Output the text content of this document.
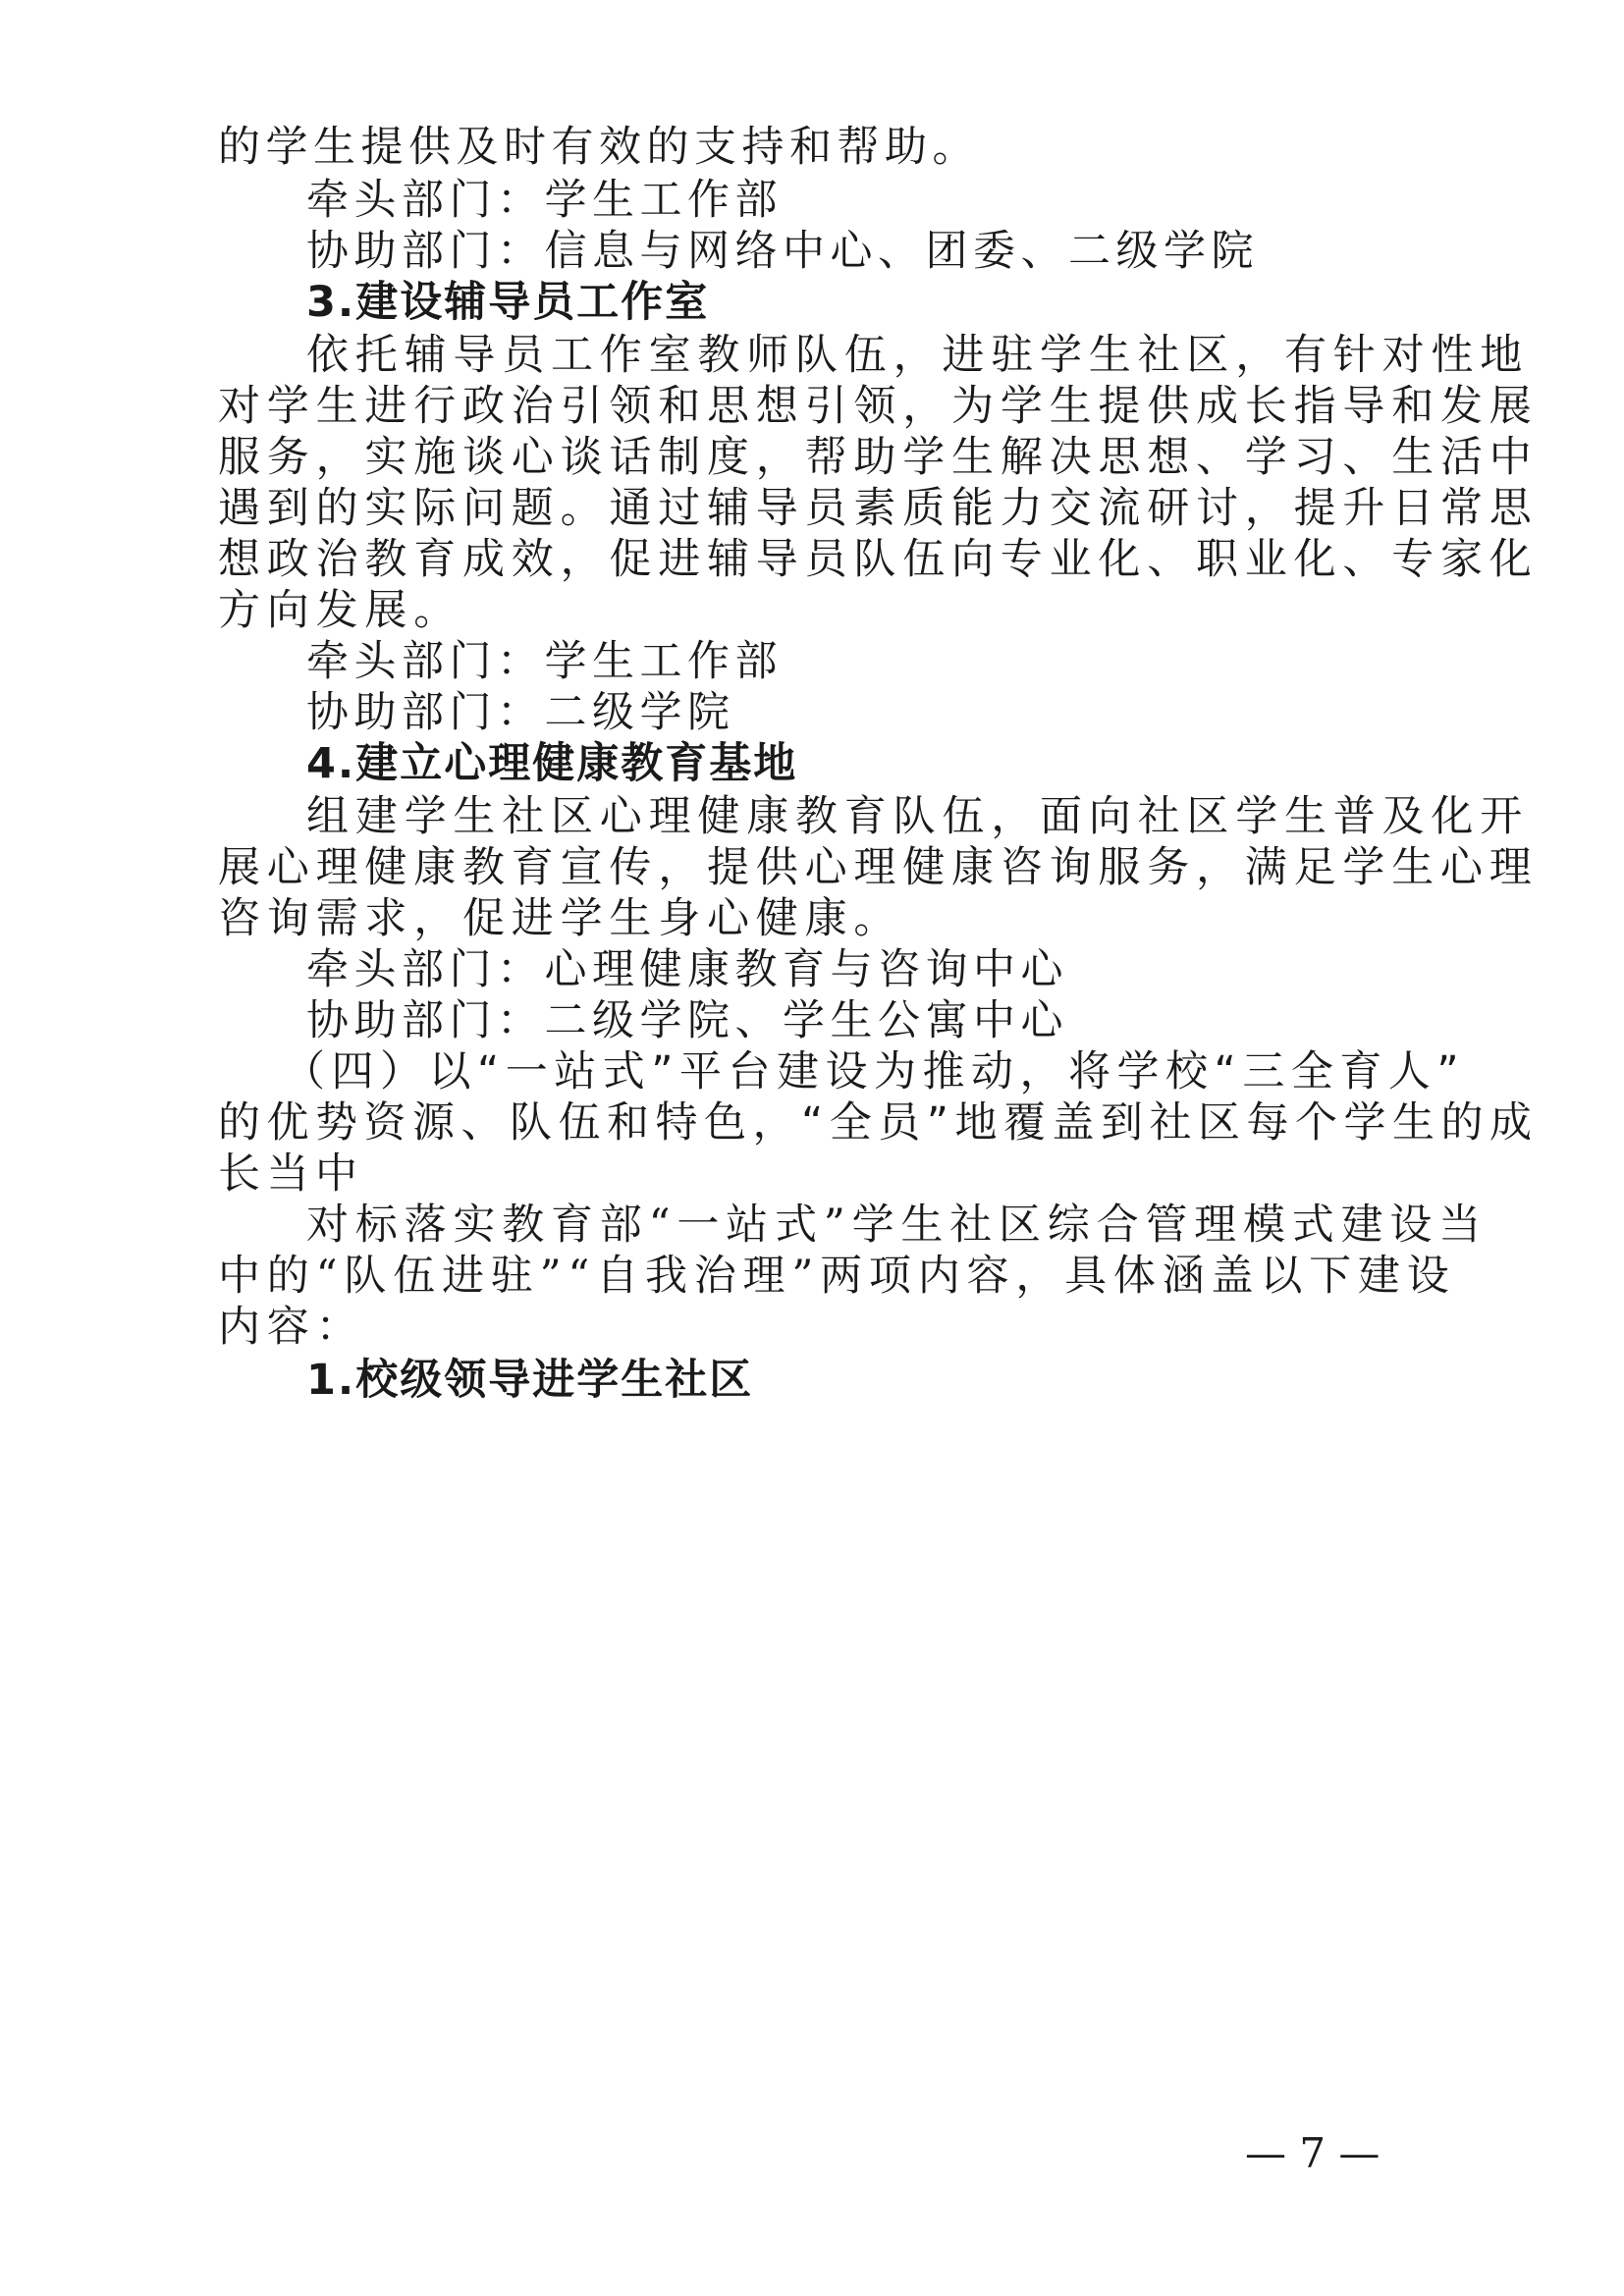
的学生提供及时有效的支持和帮助。
牵头部门：学生工作部
协助部门：信息与网络中心、团委、二级学院
3.建设辅导员工作室
依托辅导员工作室教师队伍，进驻学生社区，有针对性地
对学生进行政治引领和思想引领，为学生提供成长指导和发展
服务，实施谈心谈话制度，帮助学生解决思想、学习、生活中
遇到的实际问题。通过辅导员素质能力交流研讨，提升日常思
想政治教育成效，促进辅导员队伍向专业化、职业化、专家化
方向发展。
牵头部门：学生工作部
协助部门：二级学院
4.建立心理健康教育基地
组建学生社区心理健康教育队伍，面向社区学生普及化开
展心理健康教育宣传，提供心理健康咨询服务，满足学生心理
咨询需求，促进学生身心健康。
牵头部门：心理健康教育与咨询中心
协助部门：二级学院、学生公寓中心
（四）以“一站式”平台建设为推动，将学校“三全育人”
的优势资源、队伍和特色，“全员”地覆盖到社区每个学生的成
长当中
对标落实教育部“一站式”学生社区综合管理模式建设当
中的“队伍进驻”“自我治理”两项内容，具体涵盖以下建设
内容：
1.校级领导进学生社区
— 7 —
